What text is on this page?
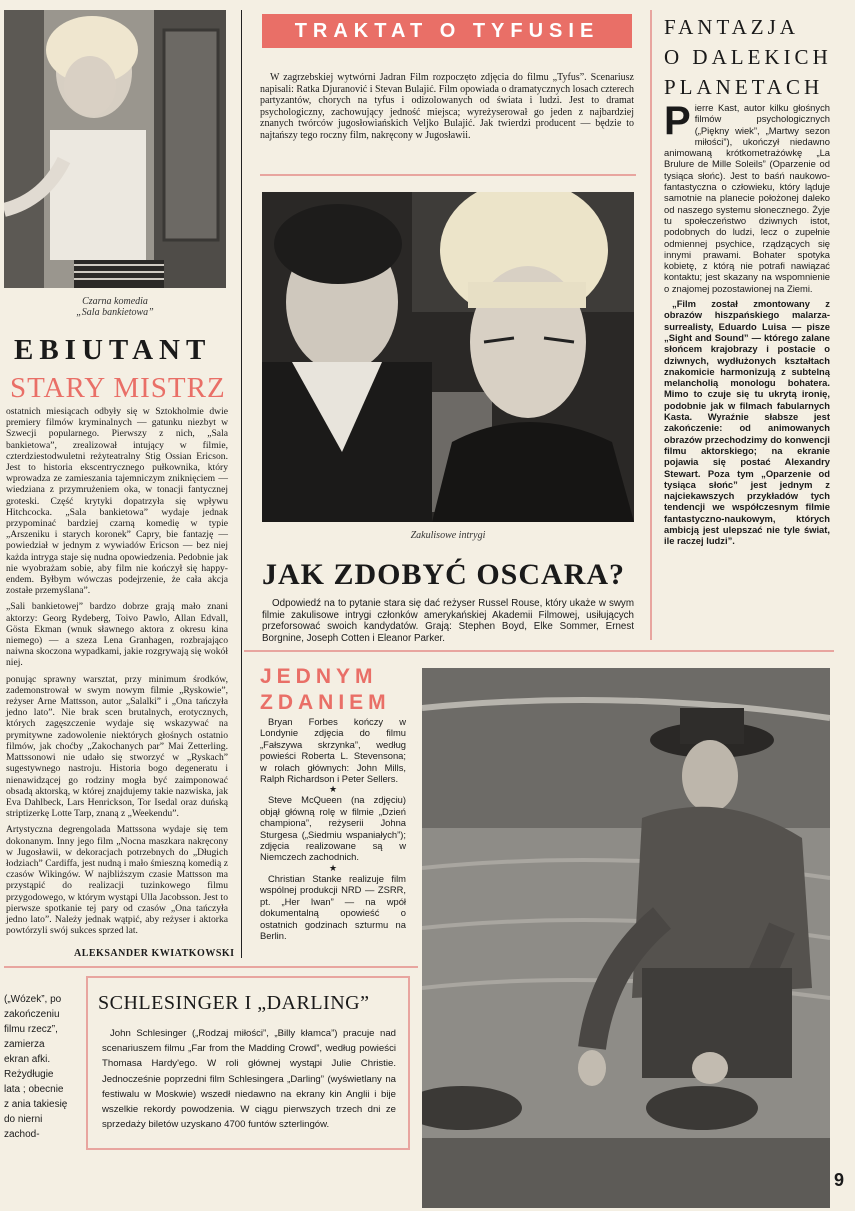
Czarna komedia
„Sala bankietowa”
EBIUTANT
STARY MISTRZ

ostatnich miesiącach odbyły się w Sztokholmie dwie premiery filmów kryminalnych — gatunku niezbyt w Szwecji popularnego. Pierwszy z nich, „Sala bankietowa”, zrealizował intujący w filmie, czterdziestodwuletni reżyteatralny Stig Ossian Ericson. Jest to historia ekscentrycznego pułkownika, który wprowadza ze zamieszania tajemniczym zniknięciem — wiedziana z przymrużeniem oka, w tonacji fantycznej groteski. Część krytyki dopatrzyła się wpływu Hitchcocka. „Sala bankietowa” wydaje jednak przypominać bardziej czarną komedię w typie „Arszeniku i starych koronek” Capry, bie fantazję — powiedział w jednym z wywiadów Ericson — bez niej każda intryga staje się nudna opowiedzenia. Pedobnie jak nie wyobrażam sobie, aby film nie kończył się happy-endem. Byłbym wówczas podejrzenie, że cała akcja zostałe przemyślana”.

„Sali bankietowej” bardzo dobrze grają mało znani aktorzy: Georg Rydeberg, Toivo Pawlo, Allan Edvall, Gösta Ekman (wnuk sławnego aktora z okresu kina niemego) — a szeza Lena Granhagen, rozbrajająco naiwna skoczona wypadkami, jakie rozgrywają się wokół niej.

ponując sprawny warsztat, przy minimum środków, zademonstrował w swym nowym filmie „Ryskowie”, reżyser Arne Mattsson, autor „Salalki” i „Ona tańczyła jedno lato”. Nie brak scen brutalnych, erotycznych, których zagęszczenie wydaje się wskazywać na prymitywne zadowolenie niektórych głośnych ostatnio filmów, jak choćby „Zakochanych par” Mai Zetterling. Mattssonowi nie udało się stworzyć w „Ryskach” sugestywnego nastroju. Historia bogo degeneratu i nienawidzącej go rodziny mogła być zaimponować obsadą aktorską, w której znajdujemy takie nazwiska, jak Eva Dahlbeck, Lars Henrickson, Tor Isedal oraz duńską striptizerkę Lotte Tarp, znaną z „Weekendu”.

Artystyczna degrengolada Mattssona wydaje się tem dokonanym. Inny jego film „Nocna maszkara nakręcony w Jugosławii, w dekoracjach potrzebnych do „Długich łodziach” Cardiffa, jest nudną i mało śmieszną komedią z czasów Wikingów. W najbliższym czasie Mattsson ma przystąpić do realizacji tuzinkowego filmu przygodowego, w którym wystąpi Ulla Jacobsson. Jest to pierwsze spotkanie tej pary od czasów „Ona tańczyła jedno lato”. Należy jednak wątpić, aby reżyser i aktorka powtórzyli swój sukces sprzed lat.

ALEKSANDER KWIATKOWSKI
TRAKTAT O TYFUSIE
W zagrzebskiej wytwórni Jadran Film rozpoczęto zdjęcia do filmu „Tyfus”. Scenariusz napisali: Ratka Djuranović i Stevan Bulajić. Film opowiada o dramatycznych losach czterech partyzantów, chorych na tyfus i odizolowanych od świata i ludzi. Jest to dramat psychologiczny, zachowujący jedność miejsca; wyreżyserował go jeden z najbardziej znanych twórców jugosłowiańskich Veljko Bulajić. Jak twierdzi producent — będzie to najtańszy tego roczny film, nakręcony w Jugosławii.
Zakulisowe intrygi
JAK ZDOBYĆ OSCARA?
Odpowiedź na to pytanie stara się dać reżyser Russel Rouse, który ukaże w swym filmie zakulisowe intrygi członków amerykańskiej Akademii Filmowej, usiłujących przeforsować swoich kandydatów. Grają: Stephen Boyd, Elke Sommer, Ernest Borgnine, Joseph Cotten i Eleanor Parker.
FANTAZJA
O DALEKICH
PLANETACH
P ierre Kast, autor kilku głośnych filmów psychologicznych („Piękny wiek”, „Martwy sezon miłości”), ukończył niedawno animowaną krótkometrażówkę „La Brulure de Mille Soleils” (Oparzenie od tysiąca słońc). Jest to baśń naukowo-fantastyczna o człowieku, który ląduje samotnie na planecie położonej daleko od naszego systemu słonecznego. Żyje tu społeczeństwo dziwnych istot, podobnych do ludzi, lecz o zupełnie odmiennej psychice, rządzących się innymi prawami. Bohater spotyka kobietę, z którą nie potrafi nawiązać kontaktu; jest skazany na wspomnienie o znajomej pozostawionej na Ziemi.
„Film został zmontowany z obrazów hiszpańskiego malarza-surrealisty, Eduardo Luisa — pisze „Sight and Sound” — którego zalane słońcem krajobrazy i postacie o dziwnych, wydłużonych kształtach znakomicie harmonizują z subtelną melancholią monologu bohatera. Mimo to czuje się tu ukrytą ironię, podobnie jak w filmach fabularnych Kasta. Wyraźnie słabsze jest zakończenie: od animowanych obrazów przechodzimy do konwencji filmu aktorskiego; na ekranie pojawia się postać Alexandry Stewart. Poza tym „Oparzenie od tysiąca słońc” jest jednym z najciekawszych przykładów tych tendencji we współczesnym filmie fantastyczno-naukowym, których ambicją jest ulepszać nie tyle świat, ile raczej ludzi”.
JEDNYM
ZDANIEM
Bryan Forbes kończy w Londynie zdjęcia do filmu „Fałszywa skrzynka”, według powieści Roberta L. Stevensona; w rolach głównych: John Mills, Ralph Richardson i Peter Sellers.
★
Steve McQueen (na zdjęciu) objął główną rolę w filmie „Dzień championa”, reżyserii Johna Sturgesa („Siedmiu wspaniałych”); zdjęcia realizowane są w Niemczech zachodnich.
★
Christian Stanke realizuje film wspólnej produkcji NRD — ZSRR, pt. „Her Iwan” — na wpół dokumentalną opowieść o ostatnich godzinach szturmu na Berlin.
9
(„Wózek”, po zakończeniu filmu rzecz”, zamierza ekran afki. Reżydługie lata ; obecnie z ania takiesię do nierni zachod-
SCHLESINGER I „DARLING”
John Schlesinger („Rodzaj miłości”, „Billy kłamca”) pracuje nad scenariuszem filmu „Far from the Madding Crowd”, według powieści Thomasa Hardy'ego. W roli głównej wystąpi Julie Christie. Jednocześnie poprzedni film Schlesingera „Darling” (wyświetlany na festiwalu w Moskwie) wszedł niedawno na ekrany kin Anglii i bije wszelkie rekordy powodzenia. W ciągu pierwszych trzech dni ze sprzedaży biletów uzyskano 4700 funtów szterlingów.
